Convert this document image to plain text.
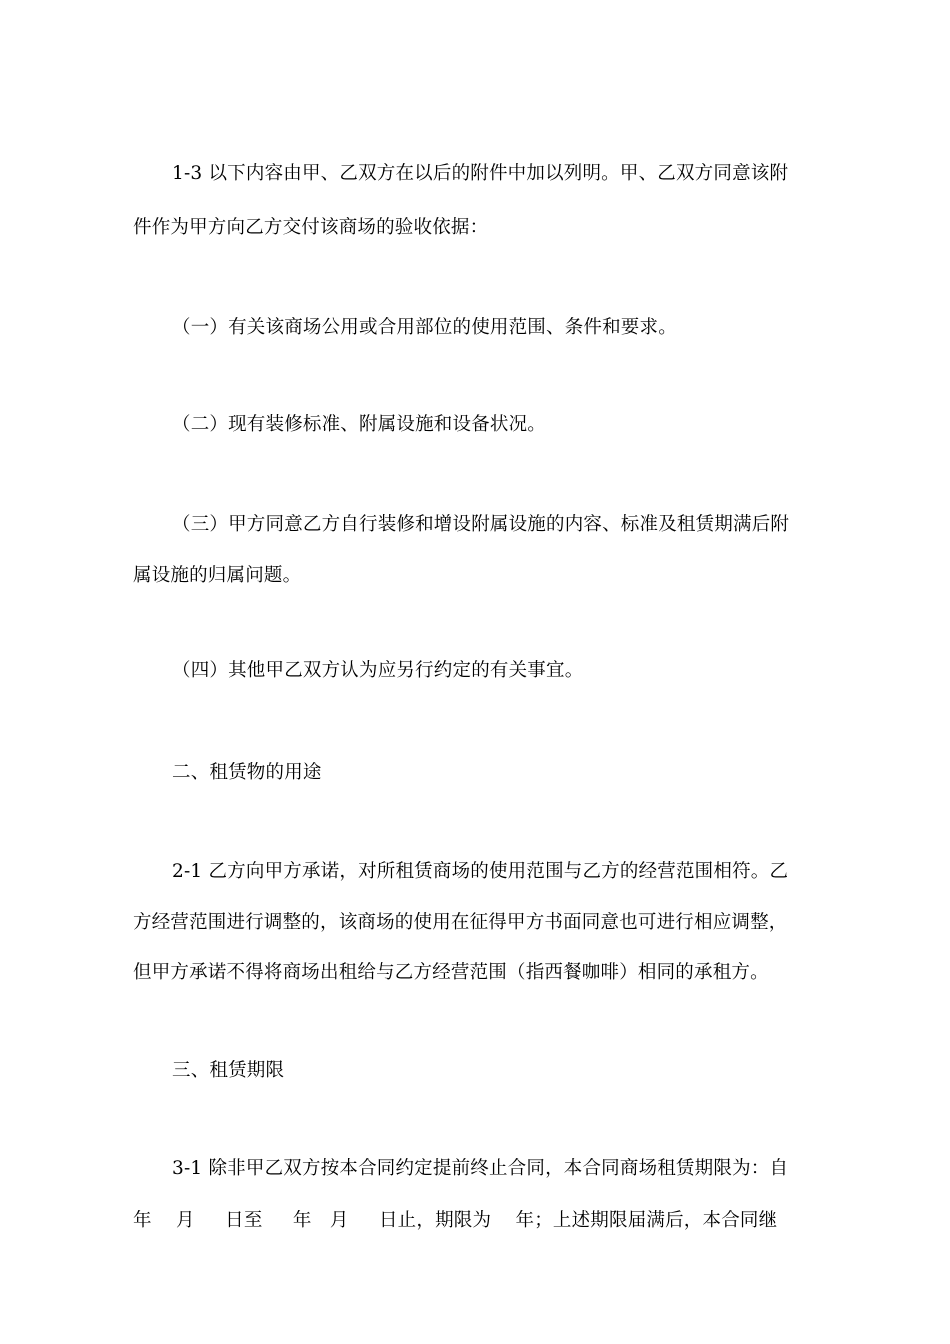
1-3 以下内容由甲、乙双方在以后的附件中加以列明。甲、乙双方同意该附
件作为甲方向乙方交付该商场的验收依据：
（一）有关该商场公用或合用部位的使用范围、条件和要求。
（二）现有装修标准、附属设施和设备状况。
（三）甲方同意乙方自行装修和增设附属设施的内容、标准及租赁期满后附
属设施的归属问题。
（四）其他甲乙双方认为应另行约定的有关事宜。
二、租赁物的用途
2-1 乙方向甲方承诺，对所租赁商场的使用范围与乙方的经营范围相符。乙
方经营范围进行调整的，该商场的使用在征得甲方书面同意也可进行相应调整，
但甲方承诺不得将商场出租给与乙方经营范围（指西餐咖啡）相同的承租方。
三、租赁期限
3-1 除非甲乙双方按本合同约定提前终止合同，本合同商场租赁期限为：自
年    月     日至     年   月     日止，期限为    年；上述期限届满后，本合同继
